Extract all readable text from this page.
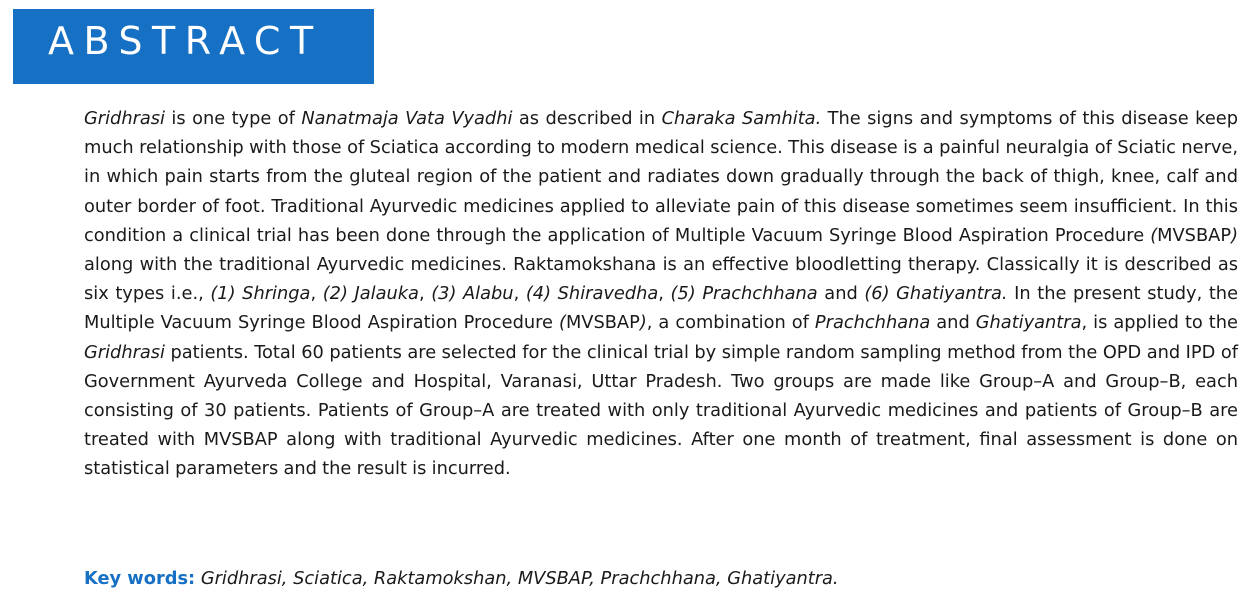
ABSTRACT

Gridhrasi is one type of Nanatmaja Vata Vyadhi as described in Charaka Samhita. The signs and symptoms of this disease keep much relationship with those of Sciatica according to modern medical science. This disease is a painful neuralgia of Sciatic nerve, in which pain starts from the gluteal region of the patient and radiates down gradually through the back of thigh, knee, calf and outer border of foot. Traditional Ayurvedic medicines applied to alleviate pain of this disease sometimes seem insufficient. In this condition a clinical trial has been done through the application of Multiple Vacuum Syringe Blood Aspiration Procedure (MVSBAP) along with the traditional Ayurvedic medicines. Raktamokshana is an effective bloodletting therapy. Classically it is described as six types i.e., (1) Shringa, (2) Jalauka, (3) Alabu, (4) Shiravedha, (5) Prachchhana and (6) Ghatiyantra. In the present study, the Multiple Vacuum Syringe Blood Aspiration Procedure (MVSBAP), a combination of Prachchhana and Ghatiyantra, is applied to the Gridhrasi patients. Total 60 patients are selected for the clinical trial by simple random sampling method from the OPD and IPD of Government Ayurveda College and Hospital, Varanasi, Uttar Pradesh. Two groups are made like Group–A and Group–B, each consisting of 30 patients. Patients of Group–A are treated with only traditional Ayurvedic medicines and patients of Group–B are treated with MVSBAP along with traditional Ayurvedic medicines. After one month of treatment, final assessment is done on statistical parameters and the result is incurred.

Key words: Gridhrasi, Sciatica, Raktamokshan, MVSBAP, Prachchhana, Ghatiyantra.
